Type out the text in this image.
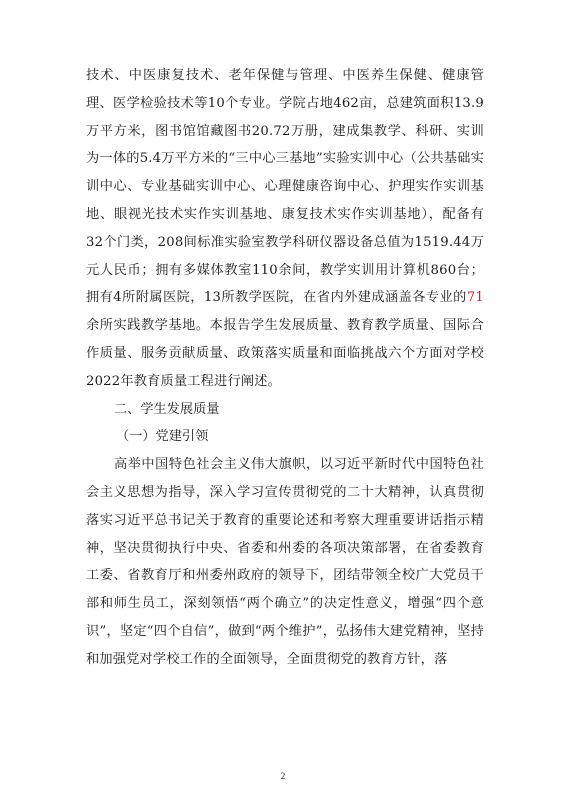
技术、中医康复技术、老年保健与管理、中医养生保健、健康管理、医学检验技术等10个专业。学院占地462亩，总建筑面积13.9万平方米，图书馆馆藏图书20.72万册，建成集教学、科研、实训为一体的5.4万平方米的“三中心三基地”实验实训中心（公共基础实训中心、专业基础实训中心、心理健康咨询中心、护理实作实训基地、眼视光技术实作实训基地、康复技术实作实训基地），配备有32个门类，208间标准实验室教学科研仪器设备总值为1519.44万元人民币；拥有多媒体教室110余间，教学实训用计算机860台；拥有4所附属医院，13所教学医院，在省内外建成涵盖各专业的71余所实践教学基地。本报告学生发展质量、教育教学质量、国际合作质量、服务贡献质量、政策落实质量和面临挑战六个方面对学校2022年教育质量工程进行阐述。

二、学生发展质量

（一）党建引领

高举中国特色社会主义伟大旗帜，以习近平新时代中国特色社会主义思想为指导，深入学习宣传贯彻党的二十大精神，认真贯彻落实习近平总书记关于教育的重要论述和考察大理重要讲话指示精神，坚决贯彻执行中央、省委和州委的各项决策部署，在省委教育工委、省教育厅和州委州政府的领导下，团结带领全校广大党员干部和师生员工，深刻领悟“两个确立”的决定性意义，增强“四个意识”，坚定“四个自信”，做到“两个维护”，弘扬伟大建党精神，坚持和加强党对学校工作的全面领导，全面贯彻党的教育方针，落

2
